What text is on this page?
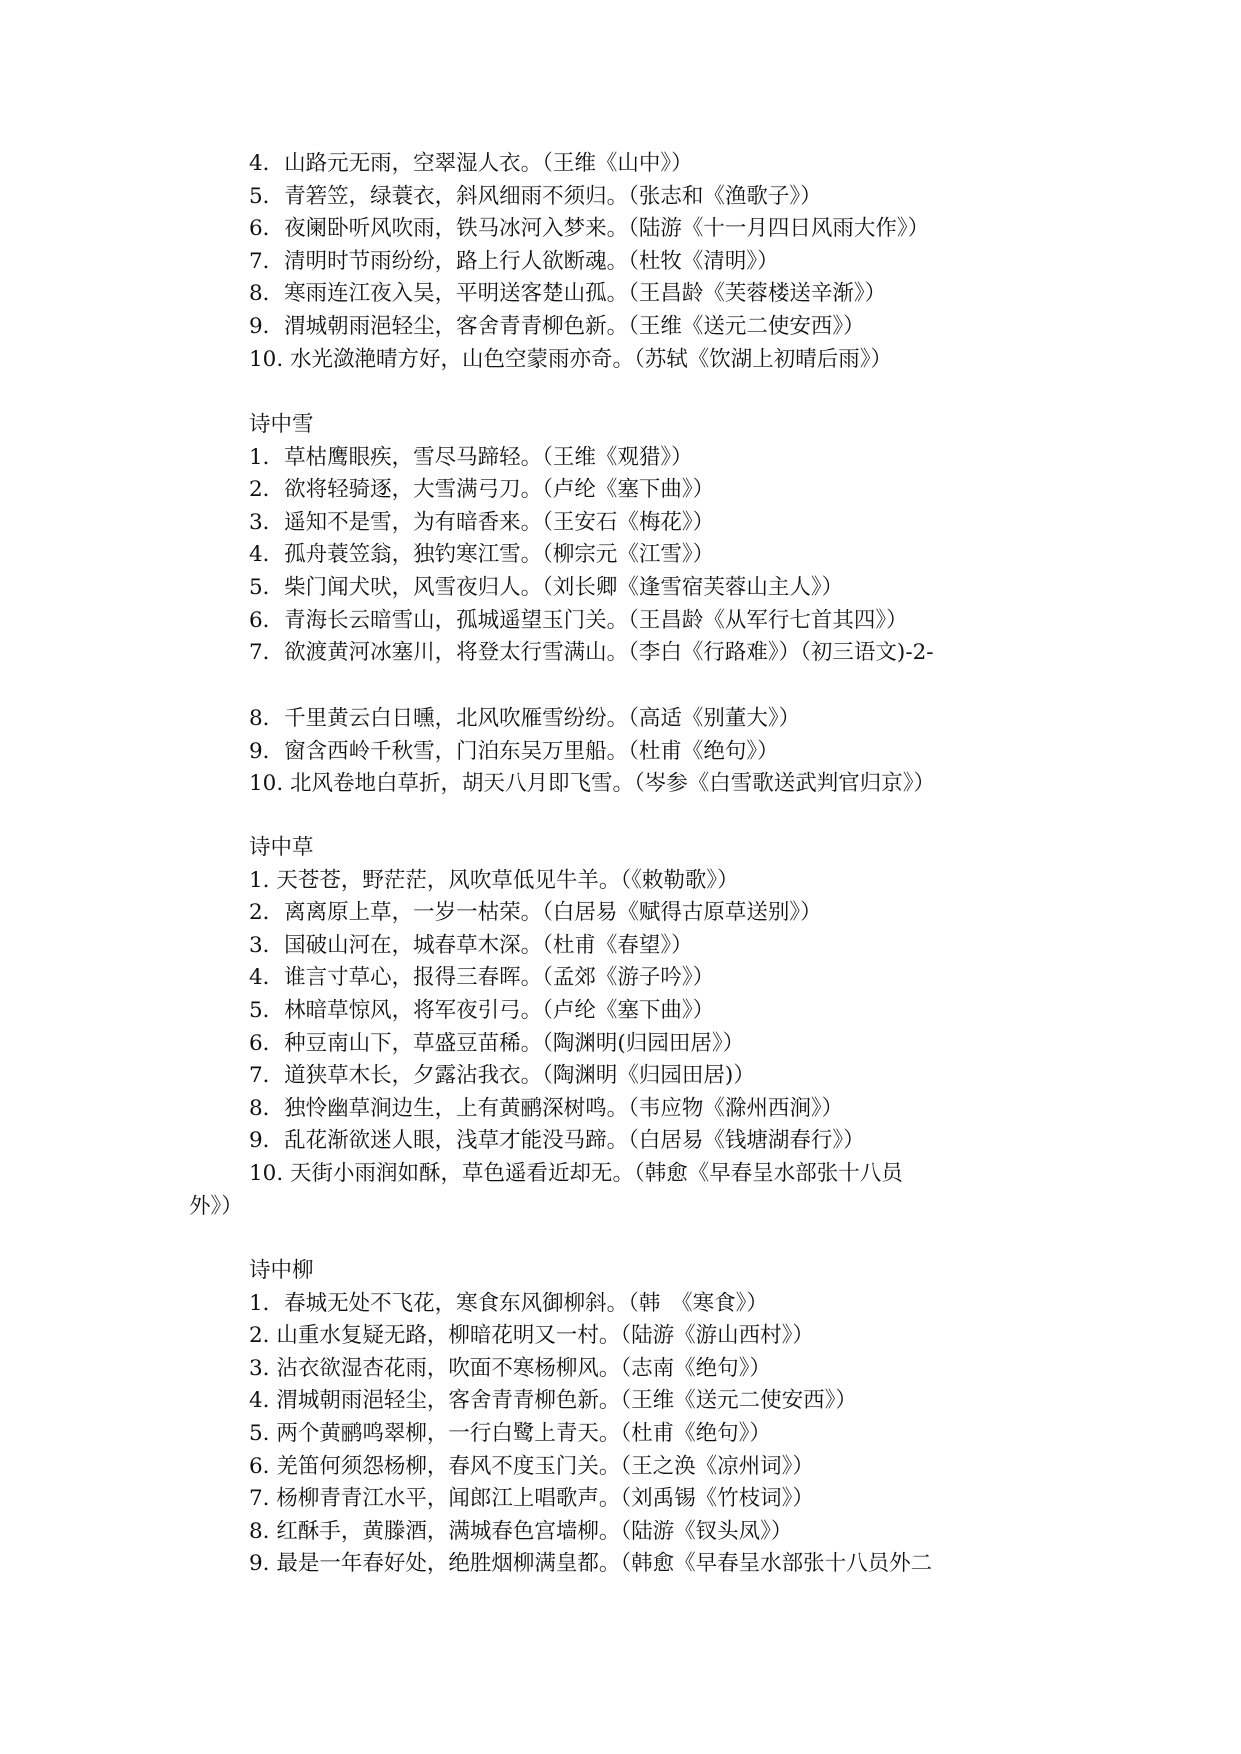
4．山路元无雨，空翠湿人衣。（王维《山中》）
5．青箬笠，绿蓑衣，斜风细雨不须归。（张志和《渔歌子》）
6．夜阑卧听风吹雨，铁马冰河入梦来。（陆游《十一月四日风雨大作》）
7．清明时节雨纷纷，路上行人欲断魂。（杜牧《清明》）
8．寒雨连江夜入吴，平明送客楚山孤。（王昌龄《芙蓉楼送辛渐》）
9．渭城朝雨浥轻尘，客舍青青柳色新。（王维《送元二使安西》）
10. 水光潋滟晴方好，山色空蒙雨亦奇。（苏轼《饮湖上初晴后雨》）
诗中雪
1．草枯鹰眼疾，雪尽马蹄轻。（王维《观猎》）
2．欲将轻骑逐，大雪满弓刀。（卢纶《塞下曲》）
3．遥知不是雪，为有暗香来。（王安石《梅花》）
4．孤舟蓑笠翁，独钓寒江雪。（柳宗元《江雪》）
5．柴门闻犬吠，风雪夜归人。（刘长卿《逢雪宿芙蓉山主人》）
6．青海长云暗雪山，孤城遥望玉门关。（王昌龄《从军行七首其四》）
7．欲渡黄河冰塞川，将登太行雪满山。（李白《行路难》）（初三语文)-2-
8．千里黄云白日曛，北风吹雁雪纷纷。（高适《别董大》）
9．窗含西岭千秋雪，门泊东吴万里船。（杜甫《绝句》）
10. 北风卷地白草折，胡天八月即飞雪。（岑参《白雪歌送武判官归京》）
诗中草
1. 天苍苍，野茫茫，风吹草低见牛羊。（《敕勒歌》）
2．离离原上草，一岁一枯荣。（白居易《赋得古原草送别》）
3．国破山河在，城春草木深。（杜甫《春望》）
4．谁言寸草心，报得三春晖。（孟郊《游子吟》）
5．林暗草惊风，将军夜引弓。（卢纶《塞下曲》）
6．种豆南山下，草盛豆苗稀。（陶渊明(归园田居》）
7．道狭草木长，夕露沾我衣。（陶渊明《归园田居)）
8．独怜幽草涧边生，上有黄鹂深树鸣。（韦应物《滁州西涧》）
9．乱花渐欲迷人眼，浅草才能没马蹄。（白居易《钱塘湖春行》）
10. 天街小雨润如酥，草色遥看近却无。（韩愈《早春呈水部张十八员
外》）
诗中柳
1．春城无处不飞花，寒食东风御柳斜。（韩　《寒食》）
2. 山重水复疑无路，柳暗花明又一村。（陆游《游山西村》）
3. 沾衣欲湿杏花雨，吹面不寒杨柳风。（志南《绝句》）
4. 渭城朝雨浥轻尘，客舍青青柳色新。（王维《送元二使安西》）
5. 两个黄鹂鸣翠柳，一行白鹭上青天。（杜甫《绝句》）
6. 羌笛何须怨杨柳，春风不度玉门关。（王之涣《凉州词》）
7. 杨柳青青江水平，闻郎江上唱歌声。（刘禹锡《竹枝词》）
8. 红酥手，黄滕酒，满城春色宫墙柳。（陆游《钗头凤》）
9. 最是一年春好处，绝胜烟柳满皇都。（韩愈《早春呈水部张十八员外二
